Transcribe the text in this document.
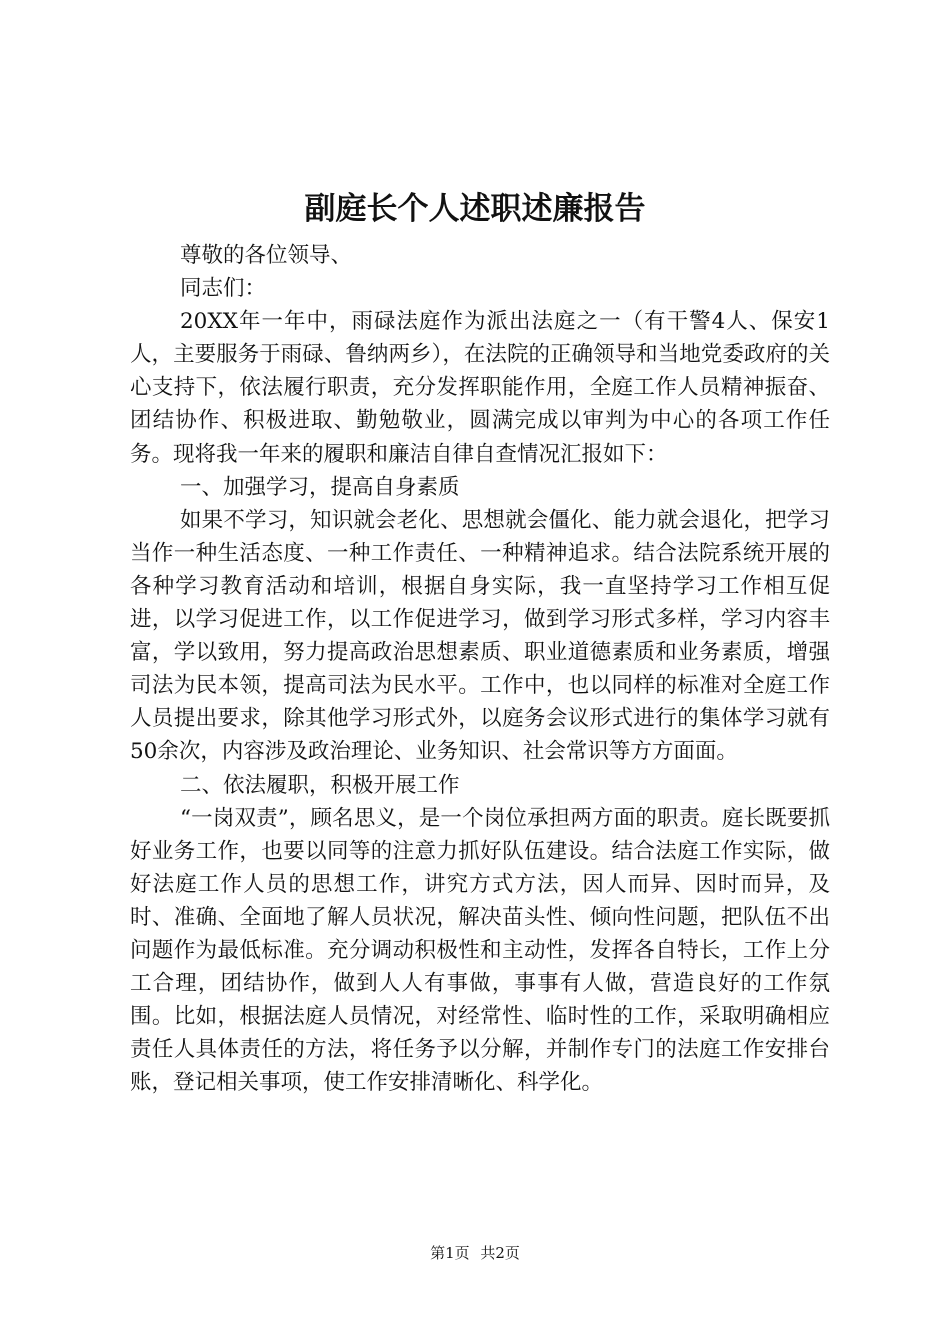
副庭长个人述职述廉报告

尊敬的各位领导、

同志们：

20XX年一年中，雨碌法庭作为派出法庭之一（有干警4人、保安1人，主要服务于雨碌、鲁纳两乡），在法院的正确领导和当地党委政府的关心支持下，依法履行职责，充分发挥职能作用，全庭工作人员精神振奋、团结协作、积极进取、勤勉敬业，圆满完成以审判为中心的各项工作任务。现将我一年来的履职和廉洁自律自查情况汇报如下：

一、加强学习，提高自身素质

如果不学习，知识就会老化、思想就会僵化、能力就会退化，把学习当作一种生活态度、一种工作责任、一种精神追求。结合法院系统开展的各种学习教育活动和培训，根据自身实际，我一直坚持学习工作相互促进，以学习促进工作，以工作促进学习，做到学习形式多样，学习内容丰富，学以致用，努力提高政治思想素质、职业道德素质和业务素质，增强司法为民本领，提高司法为民水平。工作中，也以同样的标准对全庭工作人员提出要求，除其他学习形式外，以庭务会议形式进行的集体学习就有50余次，内容涉及政治理论、业务知识、社会常识等方方面面。

二、依法履职，积极开展工作

“一岗双责”，顾名思义，是一个岗位承担两方面的职责。庭长既要抓好业务工作，也要以同等的注意力抓好队伍建设。结合法庭工作实际，做好法庭工作人员的思想工作，讲究方式方法，因人而异、因时而异，及时、准确、全面地了解人员状况，解决苗头性、倾向性问题，把队伍不出问题作为最低标准。充分调动积极性和主动性，发挥各自特长，工作上分工合理，团结协作，做到人人有事做，事事有人做，营造良好的工作氛围。比如，根据法庭人员情况，对经常性、临时性的工作，采取明确相应责任人具体责任的方法，将任务予以分解，并制作专门的法庭工作安排台账，登记相关事项，使工作安排清晰化、科学化。

第1页 共2页
